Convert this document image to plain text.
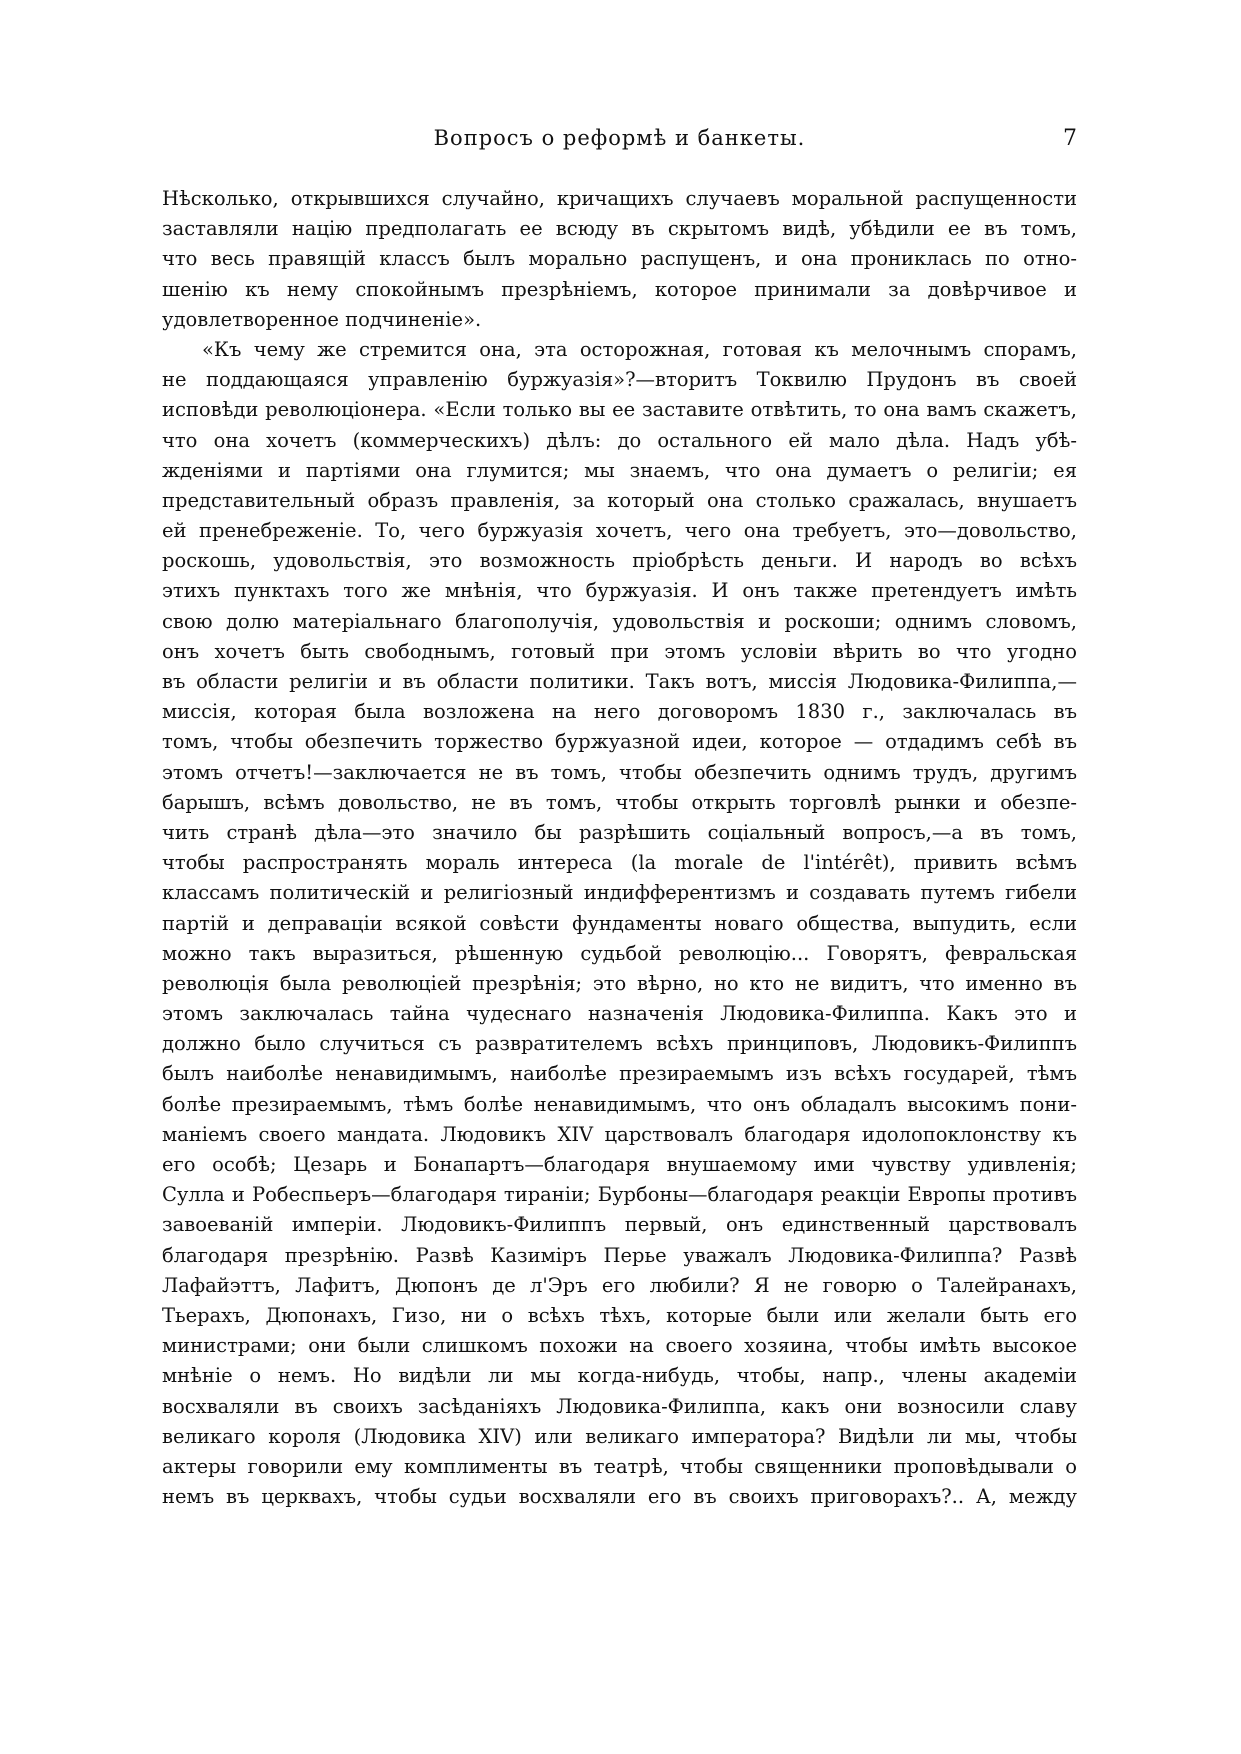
Вопросъ о реформѣ и банкеты.	7
Нѣсколько, открывшихся случайно, кричащихъ случаевъ моральной распущенности
заставляли націю предполагать ее всюду въ скрытомъ видѣ, убѣдили ее въ томъ,
что весь правящій классъ былъ морально распущенъ, и она прониклась по отно-
шенію къ нему спокойнымъ презрѣніемъ, которое принимали за довѣрчивое и
удовлетворенное подчиненіе».
«Къ чему же стремится она, эта осторожная, готовая къ мелочнымъ спорамъ,
не поддающаяся управленію буржуазія»?—вторитъ Токвилю Прудонъ въ своей
исповѣди революціонера. «Если только вы ее заставите отвѣтить, то она вамъ скажетъ,
что она хочетъ (коммерческихъ) дѣлъ: до остального ей мало дѣла. Надъ убѣ-
жденіями и партіями она глумится; мы знаемъ, что она думаетъ о религіи; ея
представительный образъ правленія, за который она столько сражалась, внушаетъ
ей пренебреженіе. То, чего буржуазія хочетъ, чего она требуетъ, это—довольство,
роскошь, удовольствія, это возможность пріобрѣсть деньги. И народъ во всѣхъ
этихъ пунктахъ того же мнѣнія, что буржуазія. И онъ также претендуетъ имѣть
свою долю матеріальнаго благополучія, удовольствія и роскоши; однимъ словомъ,
онъ хочетъ быть свободнымъ, готовый при этомъ условіи вѣрить во что угодно
въ области религіи и въ области политики. Такъ вотъ, миссія Людовика-Филиппа,—
миссія, которая была возложена на него договоромъ 1830 г., заключалась въ
томъ, чтобы обезпечить торжество буржуазной идеи, которое — отдадимъ себѣ въ
этомъ отчетъ!—заключается не въ томъ, чтобы обезпечить однимъ трудъ, другимъ
барышъ, всѣмъ довольство, не въ томъ, чтобы открыть торговлѣ рынки и обезпе-
чить странѣ дѣла—это значило бы разрѣшить соціальный вопросъ,—а въ томъ,
чтобы распространять мораль интереса (la morale de l'intérêt), привить всѣмъ
классамъ политическій и религіозный индифферентизмъ и создавать путемъ гибели
партій и деправаціи всякой совѣсти фундаменты новаго общества, выпудить, если
можно такъ выразиться, рѣшенную судьбой революцію... Говорятъ, февральская
революція была революціей презрѣнія; это вѣрно, но кто не видитъ, что именно въ
этомъ заключалась тайна чудеснаго назначенія Людовика-Филиппа. Какъ это и
должно было случиться съ развратителемъ всѣхъ принциповъ, Людовикъ-Филиппъ
былъ наиболѣе ненавидимымъ, наиболѣе презираемымъ изъ всѣхъ государей, тѣмъ
болѣе презираемымъ, тѣмъ болѣе ненавидимымъ, что онъ обладалъ высокимъ пони-
маніемъ своего мандата. Людовикъ XIV царствовалъ благодаря идолопоклонству къ
его особѣ; Цезарь и Бонапартъ—благодаря внушаемому ими чувству удивленія;
Сулла и Робеспьеръ—благодаря тираніи; Бурбоны—благодаря реакціи Европы противъ
завоеваній имперіи. Людовикъ-Филиппъ первый, онъ единственный царствовалъ
благодаря презрѣнію. Развѣ Казиміръ Перье уважалъ Людовика-Филиппа? Развѣ
Лафайэттъ, Лафитъ, Дюпонъ де л'Эръ его любили? Я не говорю о Талейранахъ,
Тьерахъ, Дюпонахъ, Гизо, ни о всѣхъ тѣхъ, которые были или желали быть его
министрами; они были слишкомъ похожи на своего хозяина, чтобы имѣть высокое
мнѣніе о немъ. Но видѣли ли мы когда-нибудь, чтобы, напр., члены академіи
восхваляли въ своихъ засѣданіяхъ Людовика-Филиппа, какъ они возносили славу
великаго короля (Людовика XIV) или великаго императора? Видѣли ли мы, чтобы
актеры говорили ему комплименты въ театрѣ, чтобы священники проповѣдывали о
немъ въ церквахъ, чтобы судьи восхваляли его въ своихъ приговорахъ?.. А, между
